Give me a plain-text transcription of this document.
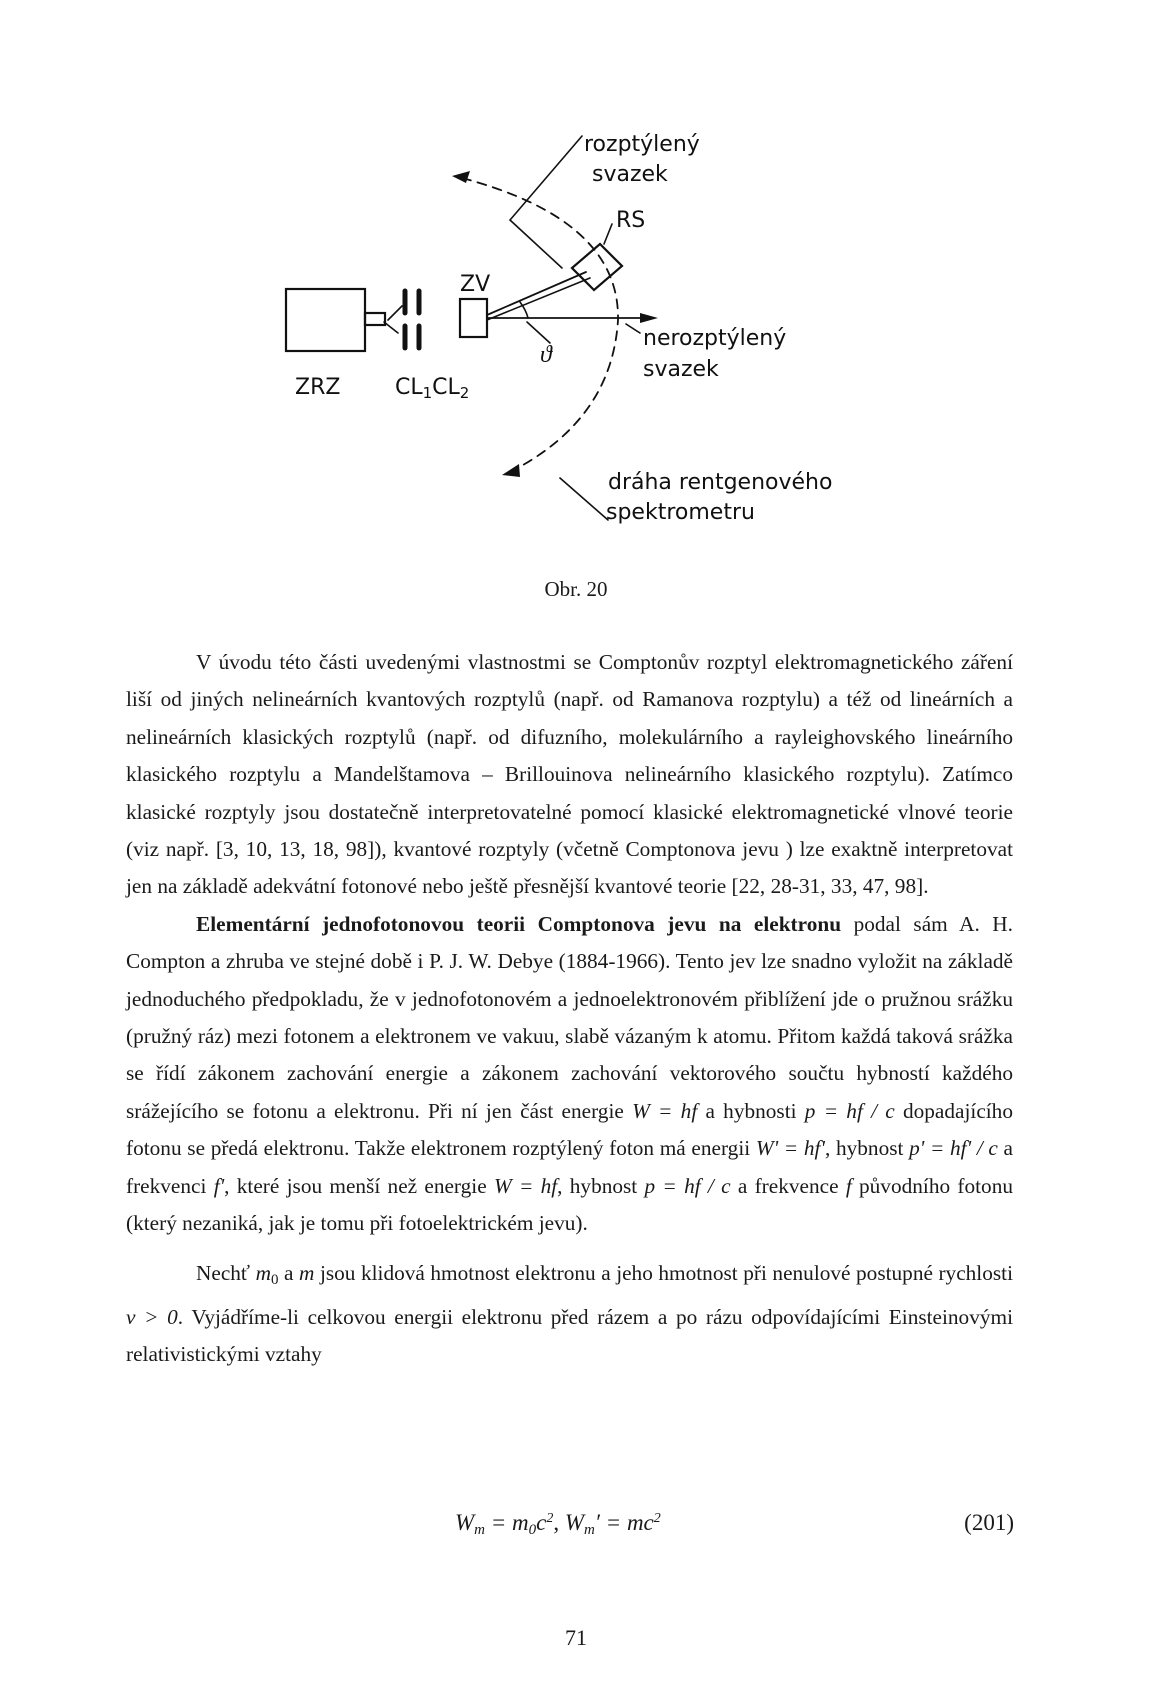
rozptýlený
svazek
RS
ZV
nerozptýlený
svazek
ZRZ $CL_1CL_2$
ϑ
dráha rentgenového
spektrometru
Obr. 20

V úvodu této části uvedenými vlastnostmi se Comptonův rozptyl elektromagnetického záření liší od jiných nelineárních kvantových rozptylů (např. od Ramanova rozptylu) a též od lineárních a nelineárních klasických rozptylů (např. od difuzního, molekulárního a rayleighovského lineárního klasického rozptylu a Mandelštamova – Brillouinova nelineárního klasického rozptylu). Zatímco klasické rozptyly jsou dostatečně interpretovatelné pomocí klasické elektromagnetické vlnové teorie (viz např. [3, 10, 13, 18, 98]), kvantové rozptyly (včetně Comptonova jevu ) lze exaktně interpretovat jen na základě adekvátní fotonové nebo ještě přesnější kvantové teorie [22, 28-31, 33, 47, 98].

Elementární jednofotonovou teorii Comptonova jevu na elektronu podal sám A. H. Compton a zhruba ve stejné době i P. J. W. Debye (1884-1966). Tento jev lze snadno vyložit na základě jednoduchého předpokladu, že v jednofotonovém a jednoelektronovém přiblížení jde o pružnou srážku (pružný ráz) mezi fotonem a elektronem ve vakuu, slabě vázaným k atomu. Přitom každá taková srážka se řídí zákonem zachování energie a zákonem zachování vektorového součtu hybností každého srážejícího se fotonu a elektronu. Při ní jen část energie W = hf a hybnosti p = hf / c dopadajícího fotonu se předá elektronu. Takže elektronem rozptýlený foton má energii W' = hf', hybnost p' = hf' / c a frekvenci f', které jsou menší než energie W = hf, hybnost p = hf / c a frekvence f původního fotonu (který nezaniká, jak je tomu při fotoelektrickém jevu).

Nechť $m_0$ a m jsou klidová hmotnost elektronu a jeho hmotnost při nenulové postupné rychlosti v > 0. Vyjádříme-li celkovou energii elektronu před rázem a po rázu odpovídajícími Einsteinovými relativistickými vztahy

$W_m = m_0c^2$, $W_m' = mc^2$	(201)
71
